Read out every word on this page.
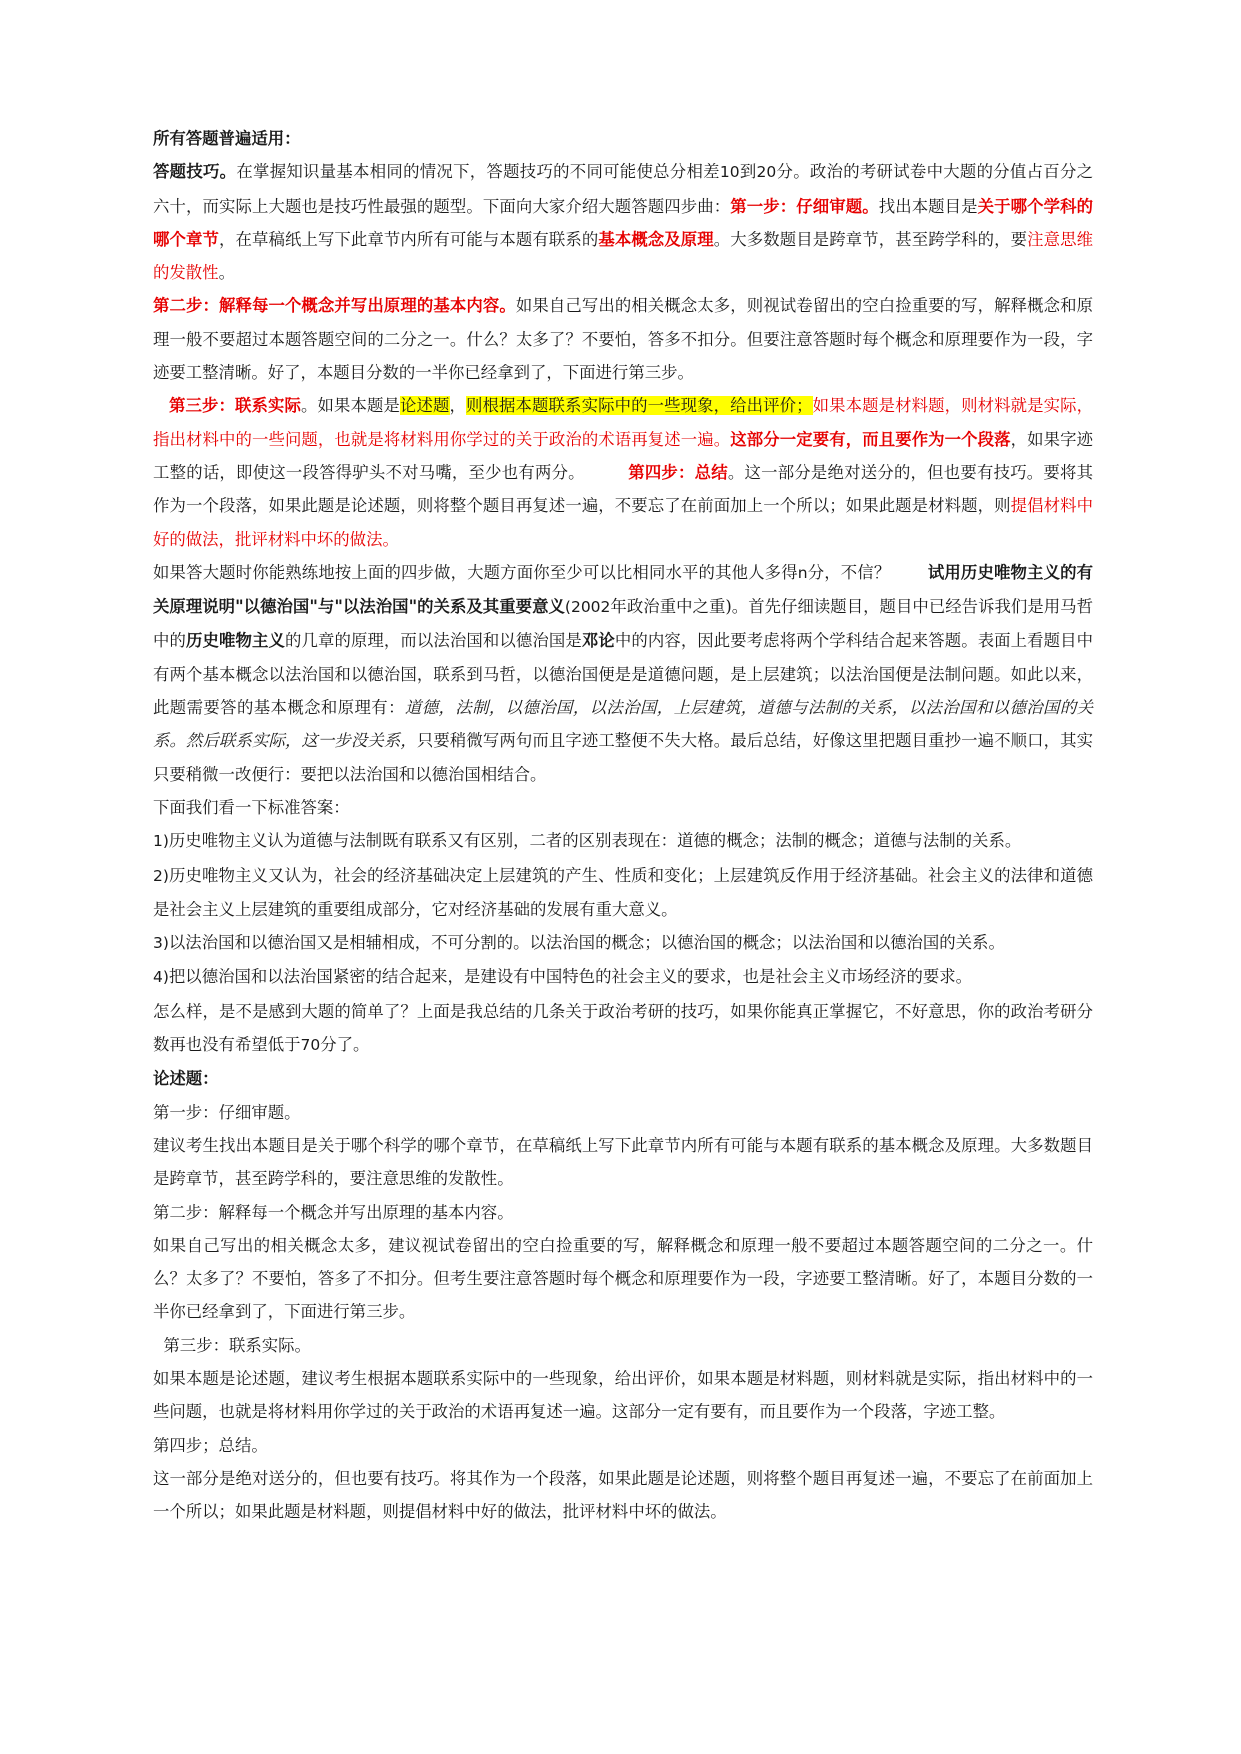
所有答题普遍适用：

答题技巧。在掌握知识量基本相同的情况下，答题技巧的不同可能使总分相差10到20分。政治的考研试卷中大题的分值占百分之六十，而实际上大题也是技巧性最强的题型。下面向大家介绍大题答题四步曲：第一步：仔细审题。找出本题目是关于哪个学科的哪个章节，在草稿纸上写下此章节内所有可能与本题有联系的基本概念及原理。大多数题目是跨章节，甚至跨学科的，要注意思维的发散性。

第二步：解释每一个概念并写出原理的基本内容。如果自己写出的相关概念太多，则视试卷留出的空白捡重要的写，解释概念和原理一般不要超过本题答题空间的二分之一。什么？太多了？不要怕，答多不扣分。但要注意答题时每个概念和原理要作为一段，字迹要工整清晰。好了，本题目分数的一半你已经拿到了，下面进行第三步。

第三步：联系实际。如果本题是论述题，则根据本题联系实际中的一些现象，给出评价；如果本题是材料题，则材料就是实际，指出材料中的一些问题，也就是将材料用你学过的关于政治的术语再复述一遍。这部分一定要有，而且要作为一个段落，如果字迹工整的话，即使这一段答得驴头不对马嘴，至少也有两分。	第四步：总结。这一部分是绝对送分的，但也要有技巧。要将其作为一个段落，如果此题是论述题，则将整个题目再复述一遍，不要忘了在前面加上一个所以；如果此题是材料题，则提倡材料中好的做法，批评材料中坏的做法。

如果答大题时你能熟练地按上面的四步做，大题方面你至少可以比相同水平的其他人多得n分，不信？ 试用历史唯物主义的有关原理说明"以德治国"与"以法治国"的关系及其重要意义(2002年政治重中之重)。首先仔细读题目，题目中已经告诉我们是用马哲中的历史唯物主义的几章的原理，而以法治国和以德治国是邓论中的内容，因此要考虑将两个学科结合起来答题。表面上看题目中有两个基本概念以法治国和以德治国，联系到马哲，以德治国便是是道德问题，是上层建筑；以法治国便是法制问题。如此以来，此题需要答的基本概念和原理有：道德，法制，以德治国，以法治国，上层建筑，道德与法制的关系，以法治国和以德治国的关系。然后联系实际，这一步没关系，只要稍微写两句而且字迹工整便不失大格。最后总结，好像这里把题目重抄一遍不顺口，其实只要稍微一改便行：要把以法治国和以德治国相结合。

下面我们看一下标准答案：

1)历史唯物主义认为道德与法制既有联系又有区别，二者的区别表现在：道德的概念；法制的概念；道德与法制的关系。

2)历史唯物主义又认为，社会的经济基础决定上层建筑的产生、性质和变化；上层建筑反作用于经济基础。社会主义的法律和道德是社会主义上层建筑的重要组成部分，它对经济基础的发展有重大意义。

3)以法治国和以德治国又是相辅相成，不可分割的。以法治国的概念；以德治国的概念；以法治国和以德治国的关系。

4)把以德治国和以法治国紧密的结合起来，是建设有中国特色的社会主义的要求，也是社会主义市场经济的要求。

怎么样，是不是感到大题的简单了？上面是我总结的几条关于政治考研的技巧，如果你能真正掌握它，不好意思，你的政治考研分数再也没有希望低于70分了。

论述题：

第一步：仔细审题。

建议考生找出本题目是关于哪个科学的哪个章节，在草稿纸上写下此章节内所有可能与本题有联系的基本概念及原理。大多数题目是跨章节，甚至跨学科的，要注意思维的发散性。

第二步：解释每一个概念并写出原理的基本内容。

如果自己写出的相关概念太多，建议视试卷留出的空白捡重要的写，解释概念和原理一般不要超过本题答题空间的二分之一。什么？太多了？不要怕，答多了不扣分。但考生要注意答题时每个概念和原理要作为一段，字迹要工整清晰。好了，本题目分数的一半你已经拿到了，下面进行第三步。

第三步：联系实际。

如果本题是论述题，建议考生根据本题联系实际中的一些现象，给出评价，如果本题是材料题，则材料就是实际，指出材料中的一些问题，也就是将材料用你学过的关于政治的术语再复述一遍。这部分一定有要有，而且要作为一个段落，字迹工整。

第四步；总结。

这一部分是绝对送分的，但也要有技巧。将其作为一个段落，如果此题是论述题，则将整个题目再复述一遍，不要忘了在前面加上一个所以；如果此题是材料题，则提倡材料中好的做法，批评材料中坏的做法。
